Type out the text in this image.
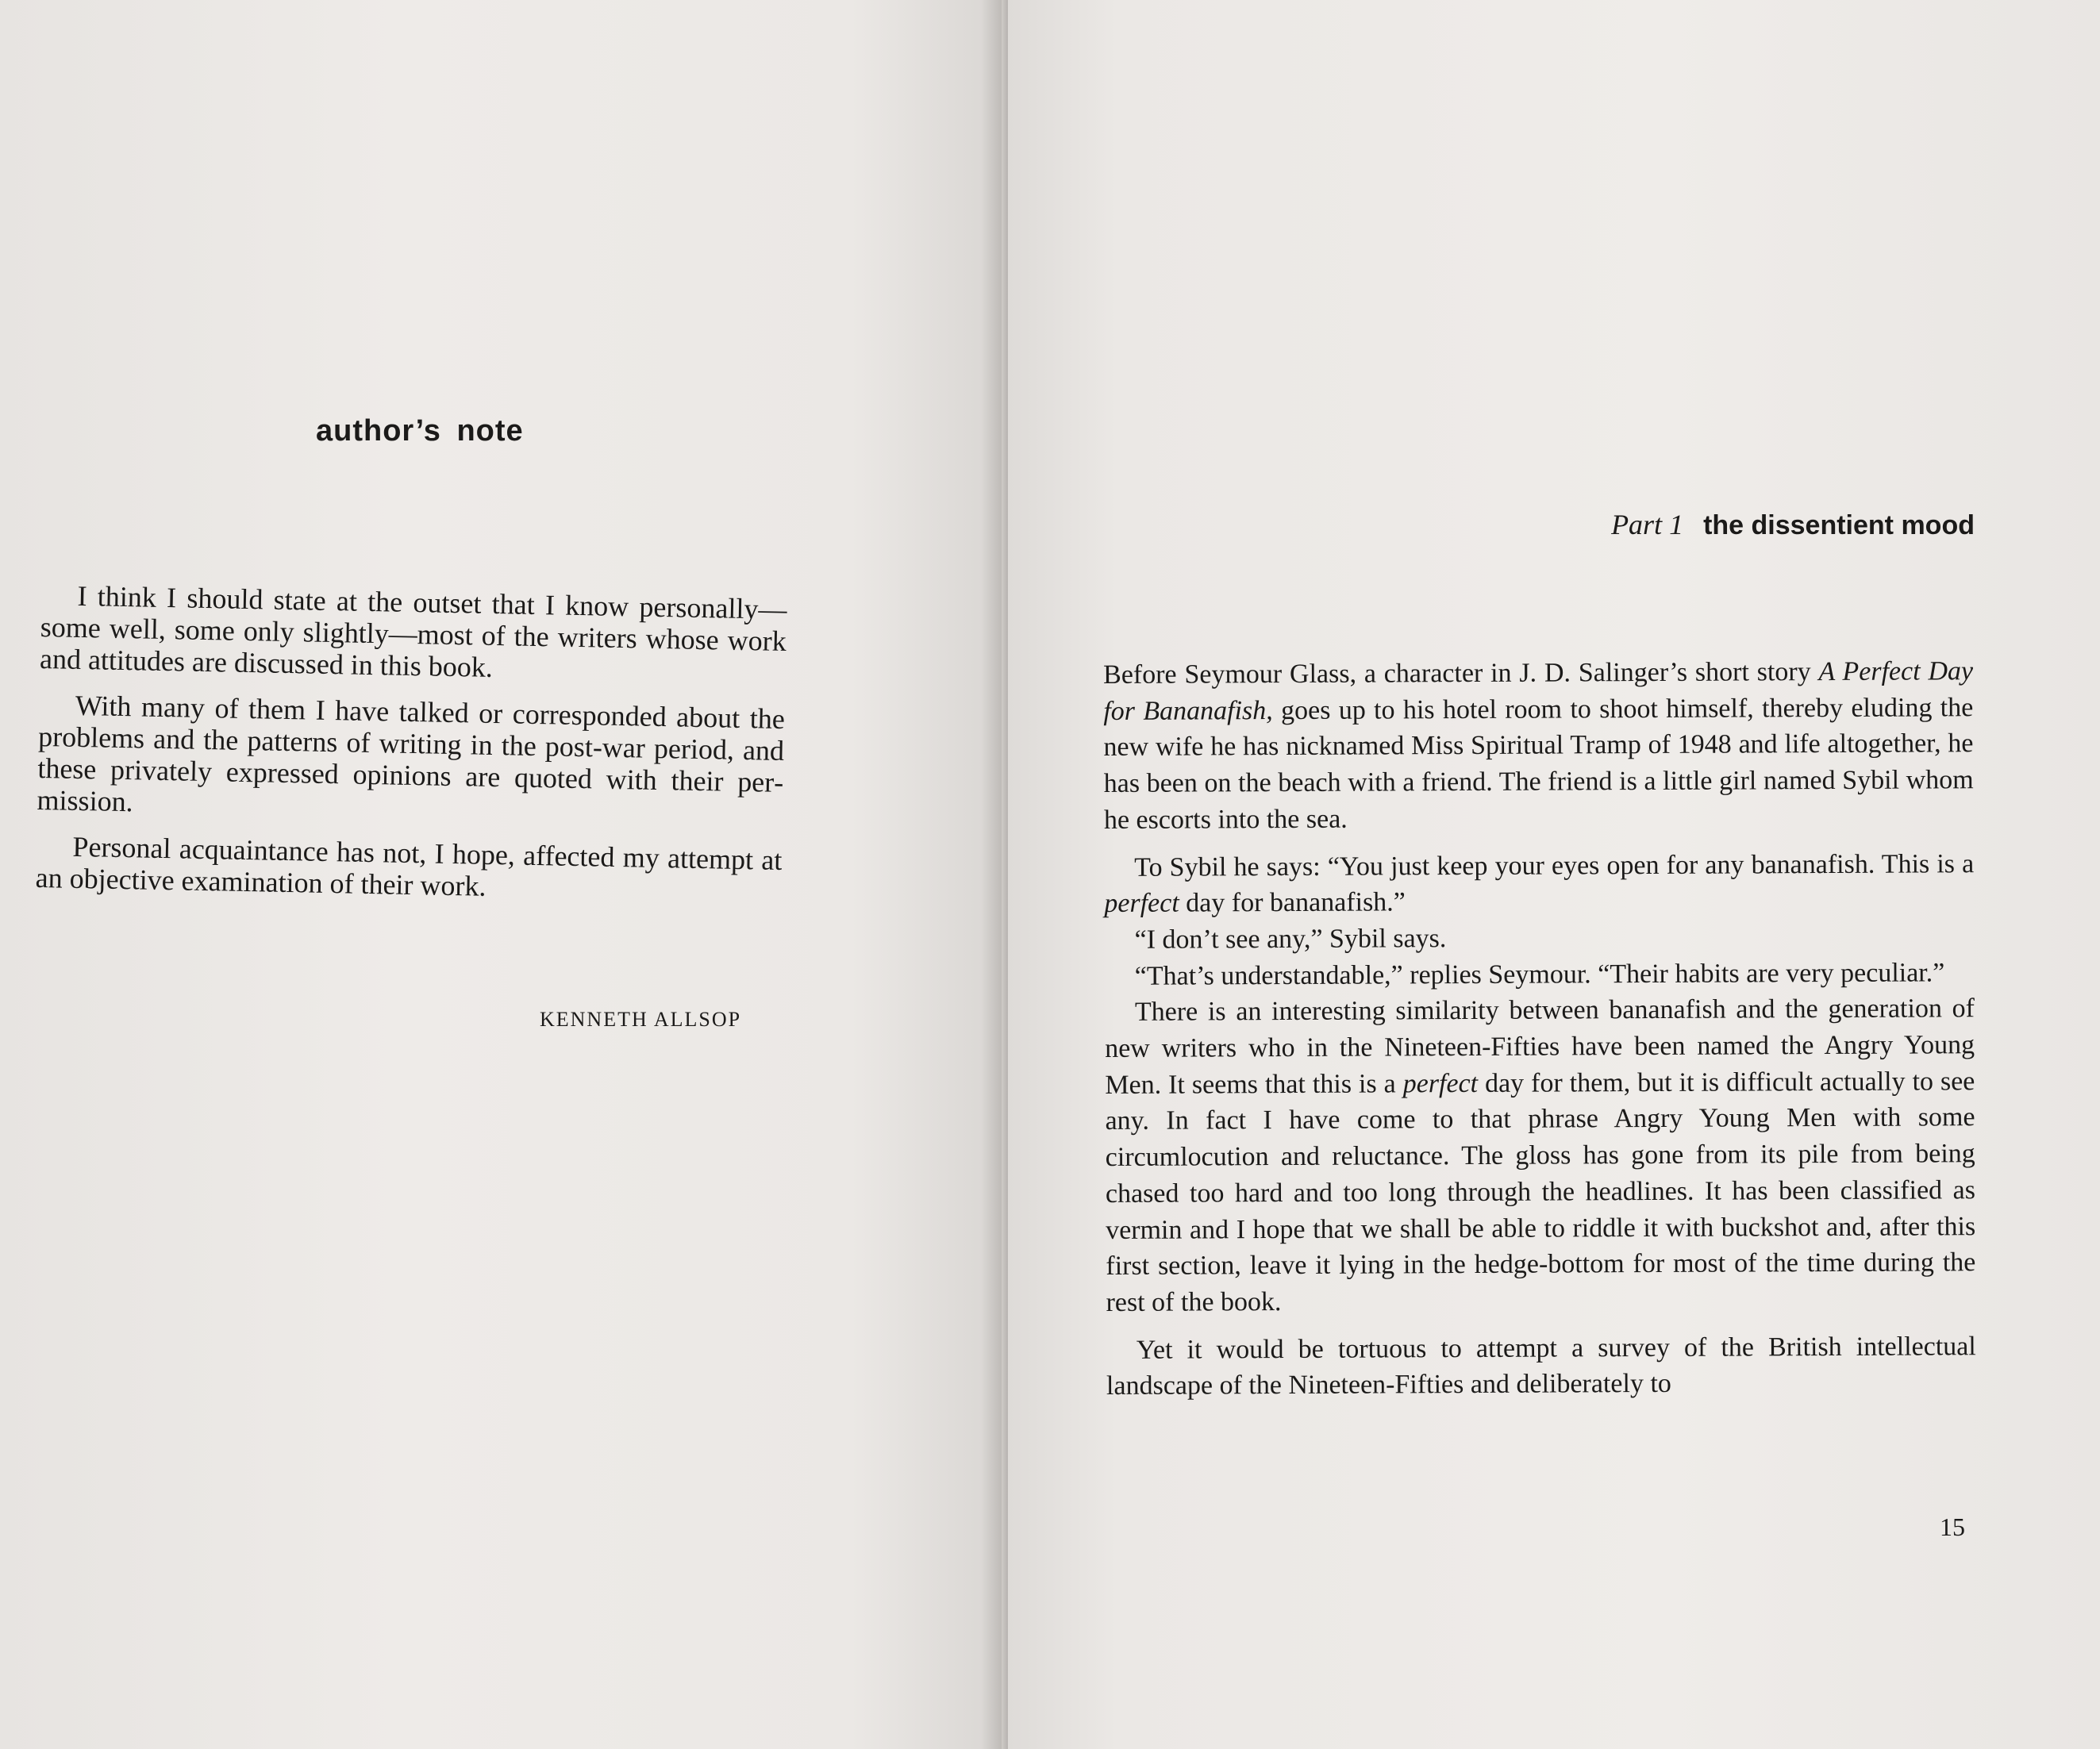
author’s note

I think I should state at the outset that I know personally—some well, some only slightly—most of the writers whose work and attitudes are discussed in this book.

With many of them I have talked or corresponded about the problems and the patterns of writing in the post-war period, and these privately expressed opinions are quoted with their permission.

Personal acquaintance has not, I hope, affected my attempt at an objective examination of their work.

KENNETH ALLSOP
Part 1 the dissentient mood

Before Seymour Glass, a character in J. D. Salinger’s short story A Perfect Day for Bananafish, goes up to his hotel room to shoot himself, thereby eluding the new wife he has nicknamed Miss Spiritual Tramp of 1948 and life altogether, he has been on the beach with a friend. The friend is a little girl named Sybil whom he escorts into the sea.

To Sybil he says: “You just keep your eyes open for any bananafish. This is a perfect day for bananafish.”

“I don’t see any,” Sybil says.

“That’s understandable,” replies Seymour. “Their habits are very peculiar.”

There is an interesting similarity between bananafish and the generation of new writers who in the Nineteen-Fifties have been named the Angry Young Men. It seems that this is a perfect day for them, but it is difficult actually to see any. In fact I have come to that phrase Angry Young Men with some circumlocution and reluctance. The gloss has gone from its pile from being chased too hard and too long through the headlines. It has been classified as vermin and I hope that we shall be able to riddle it with buckshot and, after this first section, leave it lying in the hedge-bottom for most of the time during the rest of the book.

Yet it would be tortuous to attempt a survey of the British intellectual landscape of the Nineteen-Fifties and deliberately to

15
